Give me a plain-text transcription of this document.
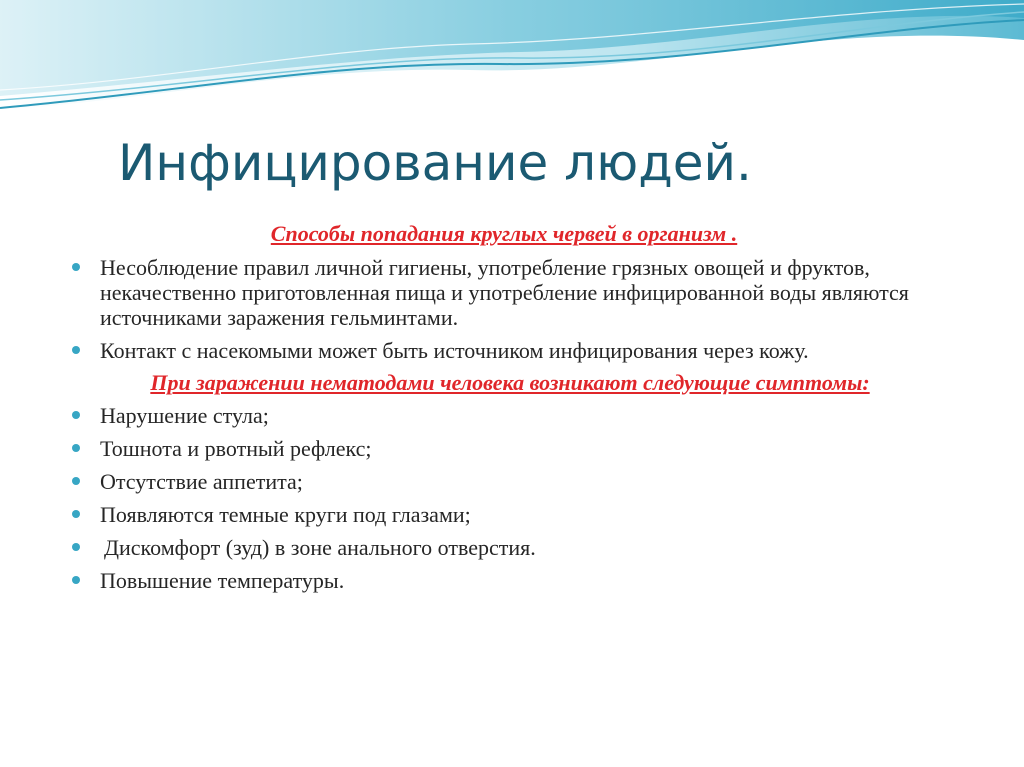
Инфицирование людей.
Способы попадания круглых червей в организм .
Несоблюдение правил личной гигиены, употребление грязных овощей и фруктов, некачественно приготовленная пища и употребление инфицированной воды являются источниками заражения гельминтами.
Контакт с насекомыми может быть источником инфицирования через кожу.
При заражении нематодами человека возникают следующие симптомы:
Нарушение стула;
Тошнота и рвотный рефлекс;
Отсутствие аппетита;
Появляются темные круги под глазами;
Дискомфорт (зуд) в зоне анального отверстия.
Повышение температуры.
